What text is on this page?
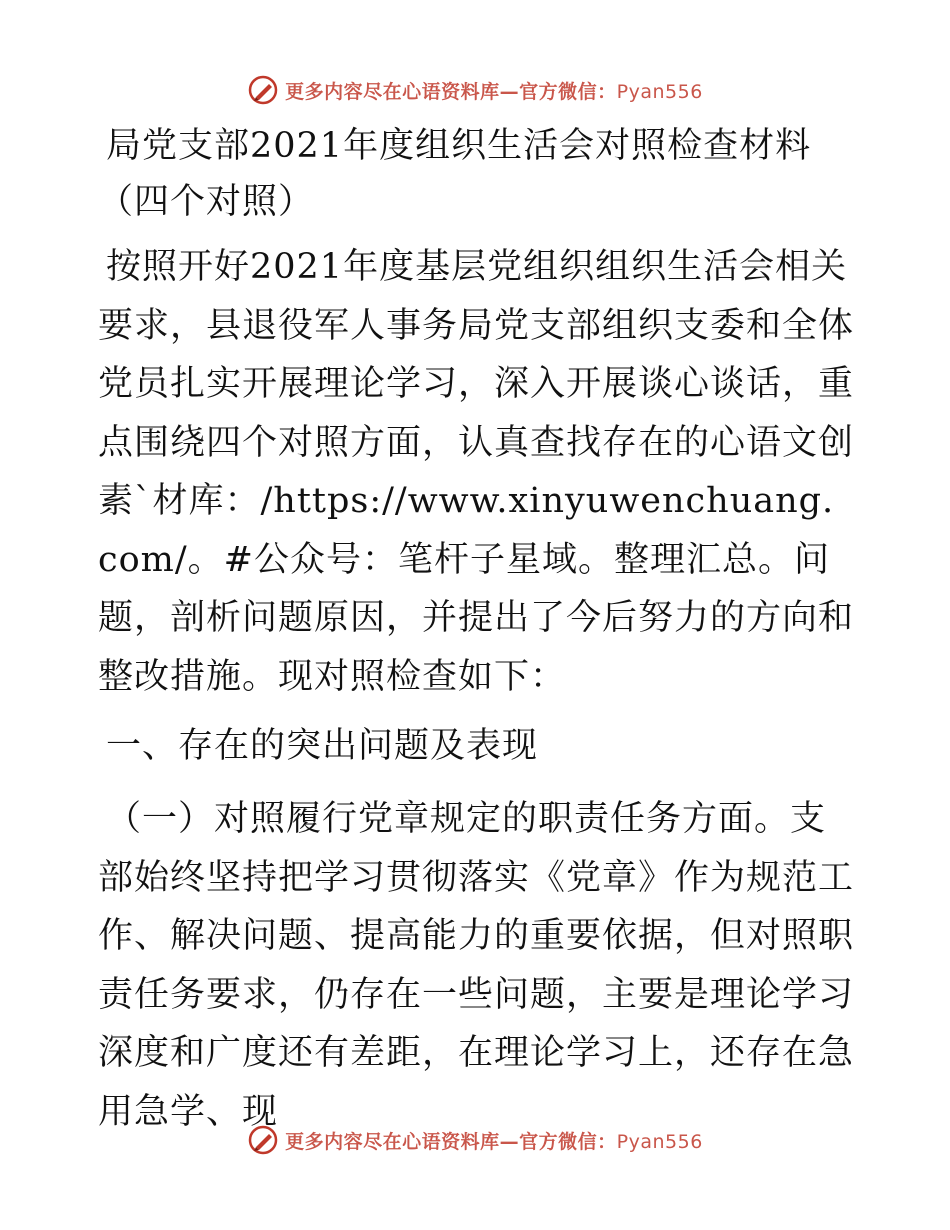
更多内容尽在心语资料库—官方微信：Pyan556
局党支部2021年度组织生活会对照检查材料（四个对照）
按照开好2021年度基层党组织组织生活会相关要求，县退役军人事务局党支部组织支委和全体党员扎实开展理论学习，深入开展谈心谈话，重点围绕四个对照方面，认真查找存在的心语文创素`材库：/https://www.xinyuwenchuang.com/。#公众号：笔杆子星域。整理汇总。问题，剖析问题原因，并提出了今后努力的方向和整改措施。现对照检查如下：
一、存在的突出问题及表现
（一）对照履行党章规定的职责任务方面。支部始终坚持把学习贯彻落实《党章》作为规范工作、解决问题、提高能力的重要依据，但对照职责任务要求，仍存在一些问题，主要是理论学习深度和广度还有差距，在理论学习上，还存在急用急学、现
更多内容尽在心语资料库—官方微信：Pyan556
